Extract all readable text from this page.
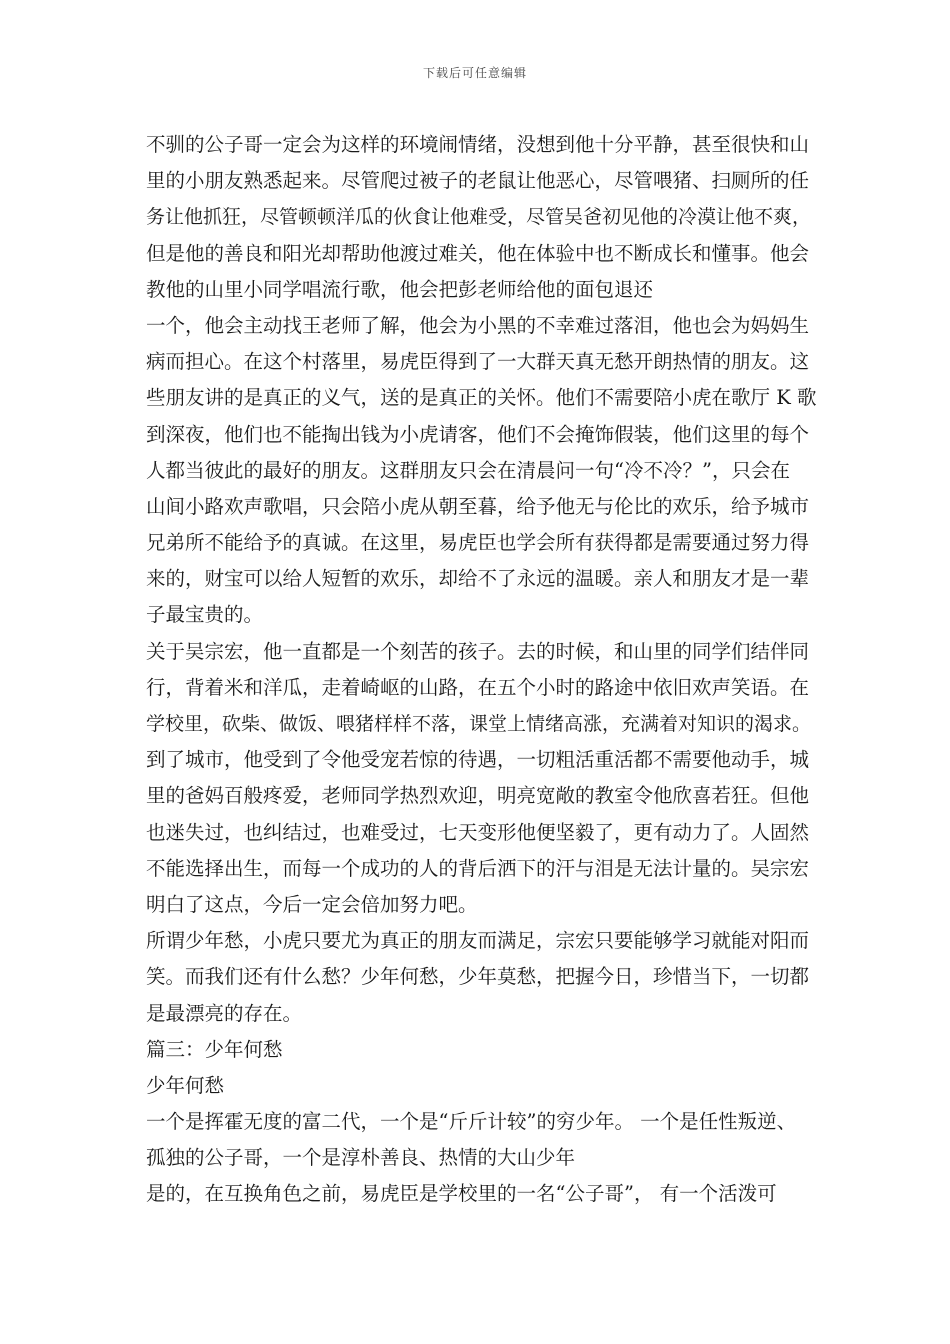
下载后可任意编辑
不驯的公子哥一定会为这样的环境闹情绪，没想到他十分平静，甚至很快和山
里的小朋友熟悉起来。尽管爬过被子的老鼠让他恶心，尽管喂猪、扫厕所的任
务让他抓狂，尽管顿顿洋瓜的伙食让他难受，尽管吴爸初见他的冷漠让他不爽，
但是他的善良和阳光却帮助他渡过难关，他在体验中也不断成长和懂事。他会
教他的山里小同学唱流行歌，他会把彭老师给他的面包退还
一个，他会主动找王老师了解，他会为小黑的不幸难过落泪，他也会为妈妈生
病而担心。在这个村落里，易虎臣得到了一大群天真无愁开朗热情的朋友。这
些朋友讲的是真正的义气，送的是真正的关怀。他们不需要陪小虎在歌厅 K 歌
到深夜，他们也不能掏出钱为小虎请客，他们不会掩饰假装，他们这里的每个
人都当彼此的最好的朋友。这群朋友只会在清晨问一句“冷不冷？”，只会在
山间小路欢声歌唱，只会陪小虎从朝至暮，给予他无与伦比的欢乐，给予城市
兄弟所不能给予的真诚。在这里，易虎臣也学会所有获得都是需要通过努力得
来的，财宝可以给人短暂的欢乐，却给不了永远的温暖。亲人和朋友才是一辈
子最宝贵的。
关于吴宗宏，他一直都是一个刻苦的孩子。去的时候，和山里的同学们结伴同
行，背着米和洋瓜，走着崎岖的山路，在五个小时的路途中依旧欢声笑语。在
学校里，砍柴、做饭、喂猪样样不落，课堂上情绪高涨，充满着对知识的渴求。
到了城市，他受到了令他受宠若惊的待遇，一切粗活重活都不需要他动手，城
里的爸妈百般疼爱，老师同学热烈欢迎，明亮宽敞的教室令他欣喜若狂。但他
也迷失过，也纠结过，也难受过，七天变形他便坚毅了，更有动力了。人固然
不能选择出生，而每一个成功的人的背后洒下的汗与泪是无法计量的。吴宗宏
明白了这点，今后一定会倍加努力吧。
所谓少年愁，小虎只要尤为真正的朋友而满足，宗宏只要能够学习就能对阳而
笑。而我们还有什么愁？少年何愁，少年莫愁，把握今日，珍惜当下，一切都
是最漂亮的存在。
篇三：少年何愁
少年何愁
一个是挥霍无度的富二代，一个是“斤斤计较”的穷少年。 一个是任性叛逆、
孤独的公子哥，一个是淳朴善良、热情的大山少年
是的，在互换角色之前，易虎臣是学校里的一名“公子哥”， 有一个活泼可
